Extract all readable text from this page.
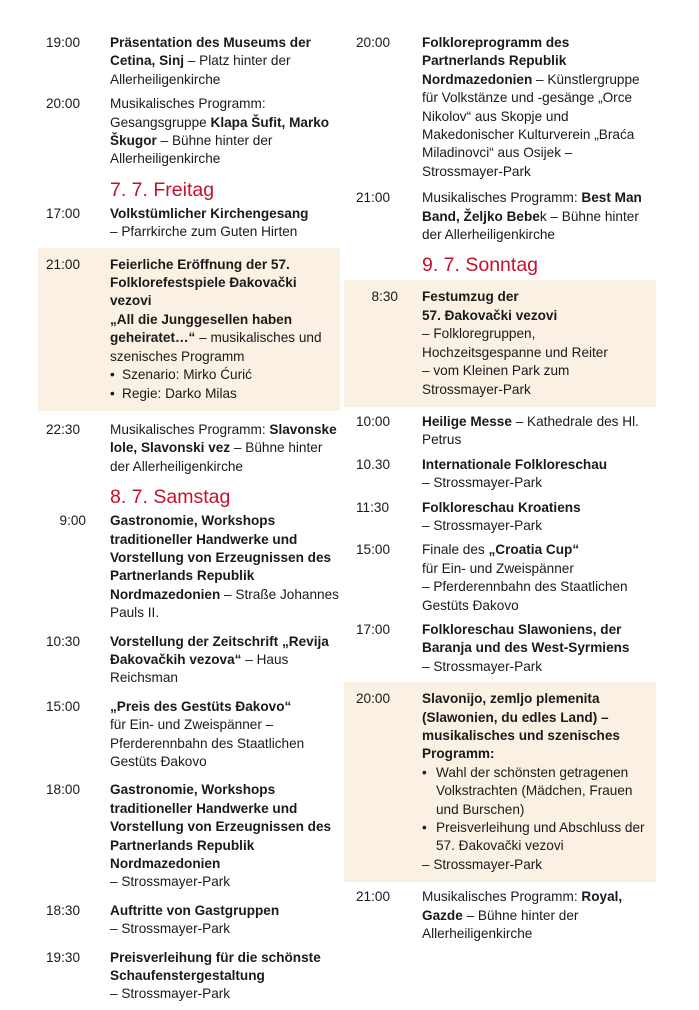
19:00	Präsentation des Museums der Cetina, Sinj – Platz hinter der Allerheiligenkirche
20:00	Musikalisches Programm: Gesangsgruppe Klapa Šufit, Marko Škugor – Bühne hinter der Allerheiligenkirche
7. 7. Freitag
17:00	Volkstümlicher Kirchengesang
– Pfarrkirche zum Guten Hirten
21:00	Feierliche Eröffnung der 57. Folklorefestspiele Đakovački vezovi
„All die Junggesellen haben geheiratet…“ – musikalisches und szenisches Programm
• Szenario: Mirko Ćurić
• Regie: Darko Milas
22:30	Musikalisches Programm: Slavonske lole, Slavonski vez – Bühne hinter der Allerheiligenkirche
8. 7. Samstag
9:00 Gastronomie, Workshops traditioneller Handwerke und Vorstellung von Erzeugnissen des Partnerlands Republik Nordmazedonien – Straße Johannes Pauls II.
10:30	Vorstellung der Zeitschrift „Revija Đakovačkih vezova“ – Haus Reichsman
15:00	„Preis des Gestüts Đakovo“
für Ein- und Zweispänner – Pferderennbahn des Staatlichen Gestüts Đakovo
18:00	Gastronomie, Workshops traditioneller Handwerke und Vorstellung von Erzeugnissen des Partnerlands Republik Nordmazedonien
– Strossmayer-Park
18:30	Auftritte von Gastgruppen
– Strossmayer-Park
19:30	Preisverleihung für die schönste Schaufenstergestaltung
– Strossmayer-Park
20:00	Folkloreprogramm des Partnerlands Republik Nordmazedonien – Künstlergruppe für Volkstänze und -gesänge „Orce Nikolov“ aus Skopje und Makedonischer Kulturverein „Braća Miladinovci“ aus Osijek – Strossmayer-Park
21:00	Musikalisches Programm: Best Man Band, Željko Bebek – Bühne hinter der Allerheiligenkirche
9. 7. Sonntag
8:30 Festumzug der
57. Đakovački vezovi
– Folkloregruppen, Hochzeitsgespanne und Reiter
– vom Kleinen Park zum Strossmayer-Park
10:00	Heilige Messe – Kathedrale des Hl. Petrus
10.30	Internationale Folkloreschau
– Strossmayer-Park
11:30	Folkloreschau Kroatiens
– Strossmayer-Park
15:00	Finale des „Croatia Cup“
für Ein- und Zweispänner
– Pferderennbahn des Staatlichen Gestüts Đakovo
17:00	Folkloreschau Slawoniens, der Baranja und des West-Syrmiens
– Strossmayer-Park
20:00	Slavonijo, zemljo plemenita (Slawonien, du edles Land) – musikalisches und szenisches Programm:
• Wahl der schönsten getragenen Volkstrachten (Mädchen, Frauen und Burschen)
• Preisverleihung und Abschluss der 57. Đakovački vezovi
– Strossmayer-Park
21:00	Musikalisches Programm: Royal, Gazde – Bühne hinter der Allerheiligenkirche
